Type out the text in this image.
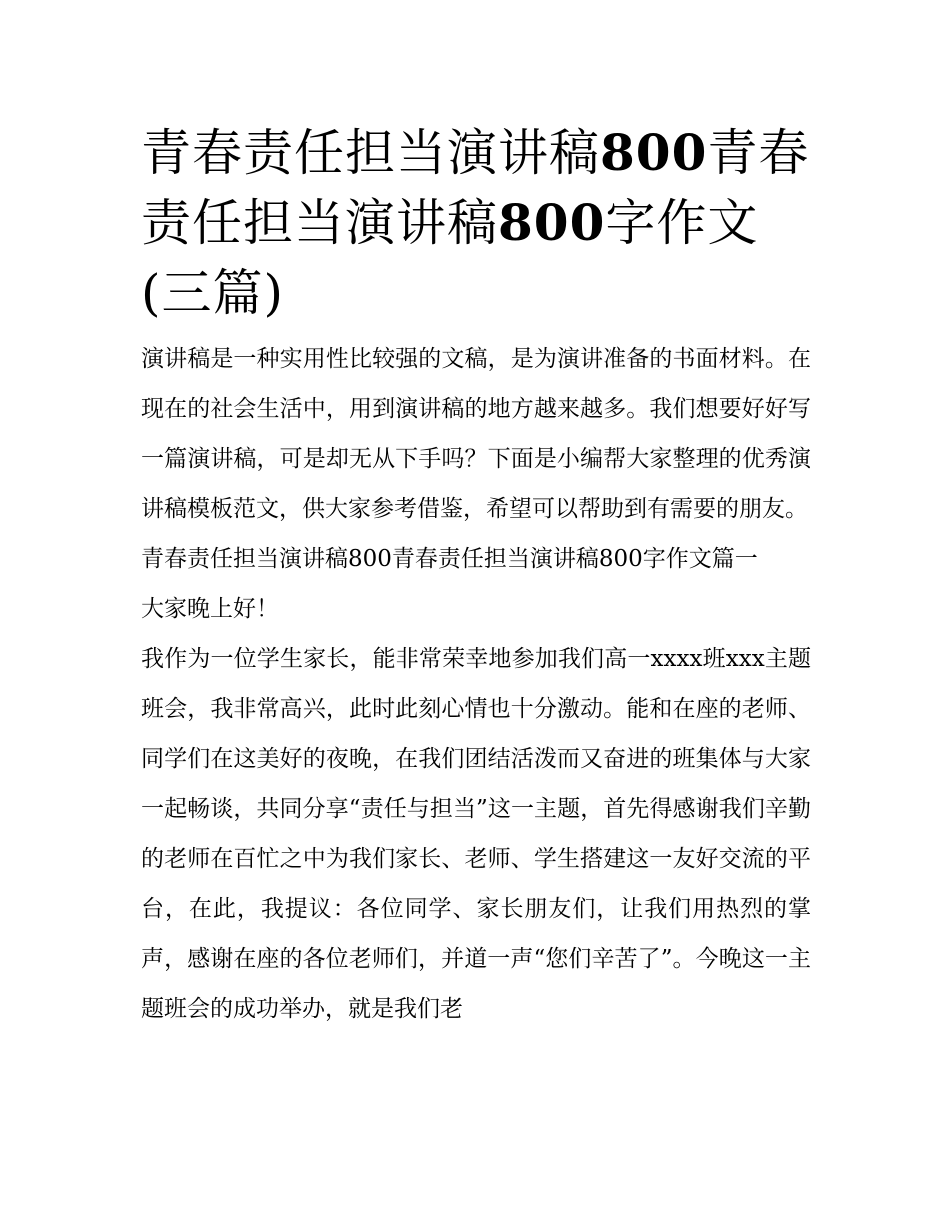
青春责任担当演讲稿800青春责任担当演讲稿800字作文(三篇)

演讲稿是一种实用性比较强的文稿，是为演讲准备的书面材料。在现在的社会生活中，用到演讲稿的地方越来越多。我们想要好好写一篇演讲稿，可是却无从下手吗？下面是小编帮大家整理的优秀演讲稿模板范文，供大家参考借鉴，希望可以帮助到有需要的朋友。

青春责任担当演讲稿800青春责任担当演讲稿800字作文篇一

大家晚上好！

我作为一位学生家长，能非常荣幸地参加我们高一xxxx班xxx主题班会，我非常高兴，此时此刻心情也十分激动。能和在座的老师、同学们在这美好的夜晚，在我们团结活泼而又奋进的班集体与大家一起畅谈，共同分享“责任与担当”这一主题，首先得感谢我们辛勤的老师在百忙之中为我们家长、老师、学生搭建这一友好交流的平台，在此，我提议：各位同学、家长朋友们，让我们用热烈的掌声，感谢在座的各位老师们，并道一声“您们辛苦了”。今晚这一主题班会的成功举办，就是我们老
